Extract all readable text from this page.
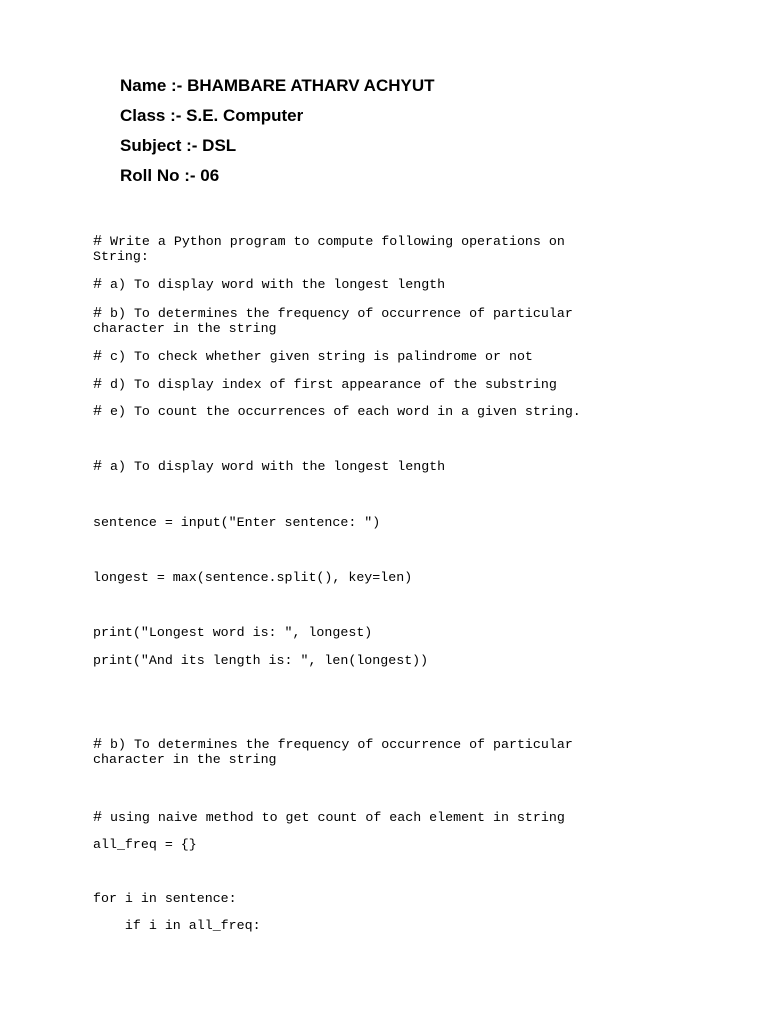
Name :- BHAMBARE ATHARV ACHYUT
Class :- S.E. Computer
Subject :- DSL
Roll No :- 06
# Write a Python program to compute following operations on
String:
# a) To display word with the longest length
# b) To determines the frequency of occurrence of particular
character in the string
# c) To check whether given string is palindrome or not
# d) To display index of first appearance of the substring
# e) To count the occurrences of each word in a given string.
# a) To display word with the longest length
sentence = input("Enter sentence: ")
longest = max(sentence.split(), key=len)
print("Longest word is: ", longest)
print("And its length is: ", len(longest))
# b) To determines the frequency of occurrence of particular
character in the string
# using naive method to get count of each element in string
all_freq = {}
for i in sentence:
if i in all_freq:
